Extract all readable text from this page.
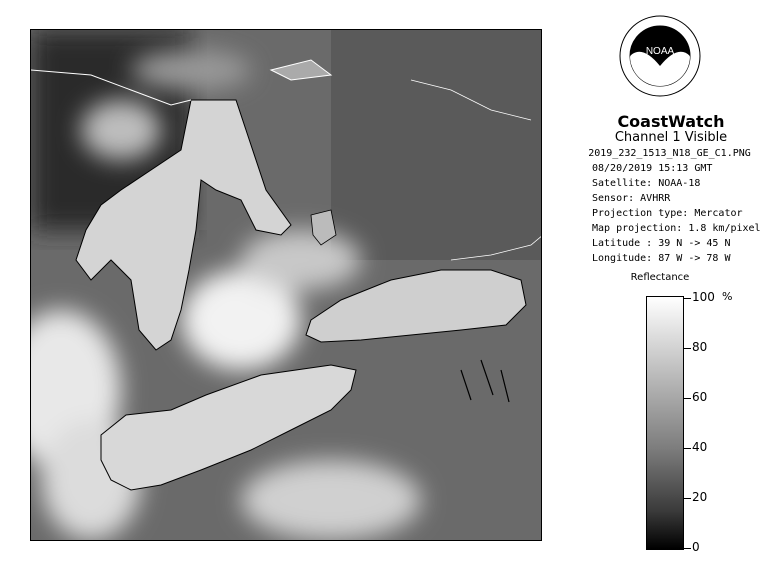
NOAA
CoastWatch
Channel 1 Visible
2019_232_1513_N18_GE_C1.PNG
08/20/2019 15:13 GMT
Satellite: NOAA-18
Sensor: AVHRR
Projection type: Mercator
Map projection: 1.8 km/pixel
Latitude : 39 N -> 45 N
Longitude: 87 W -> 78 W
Reflectance
%
100
80
60
40
20
0
